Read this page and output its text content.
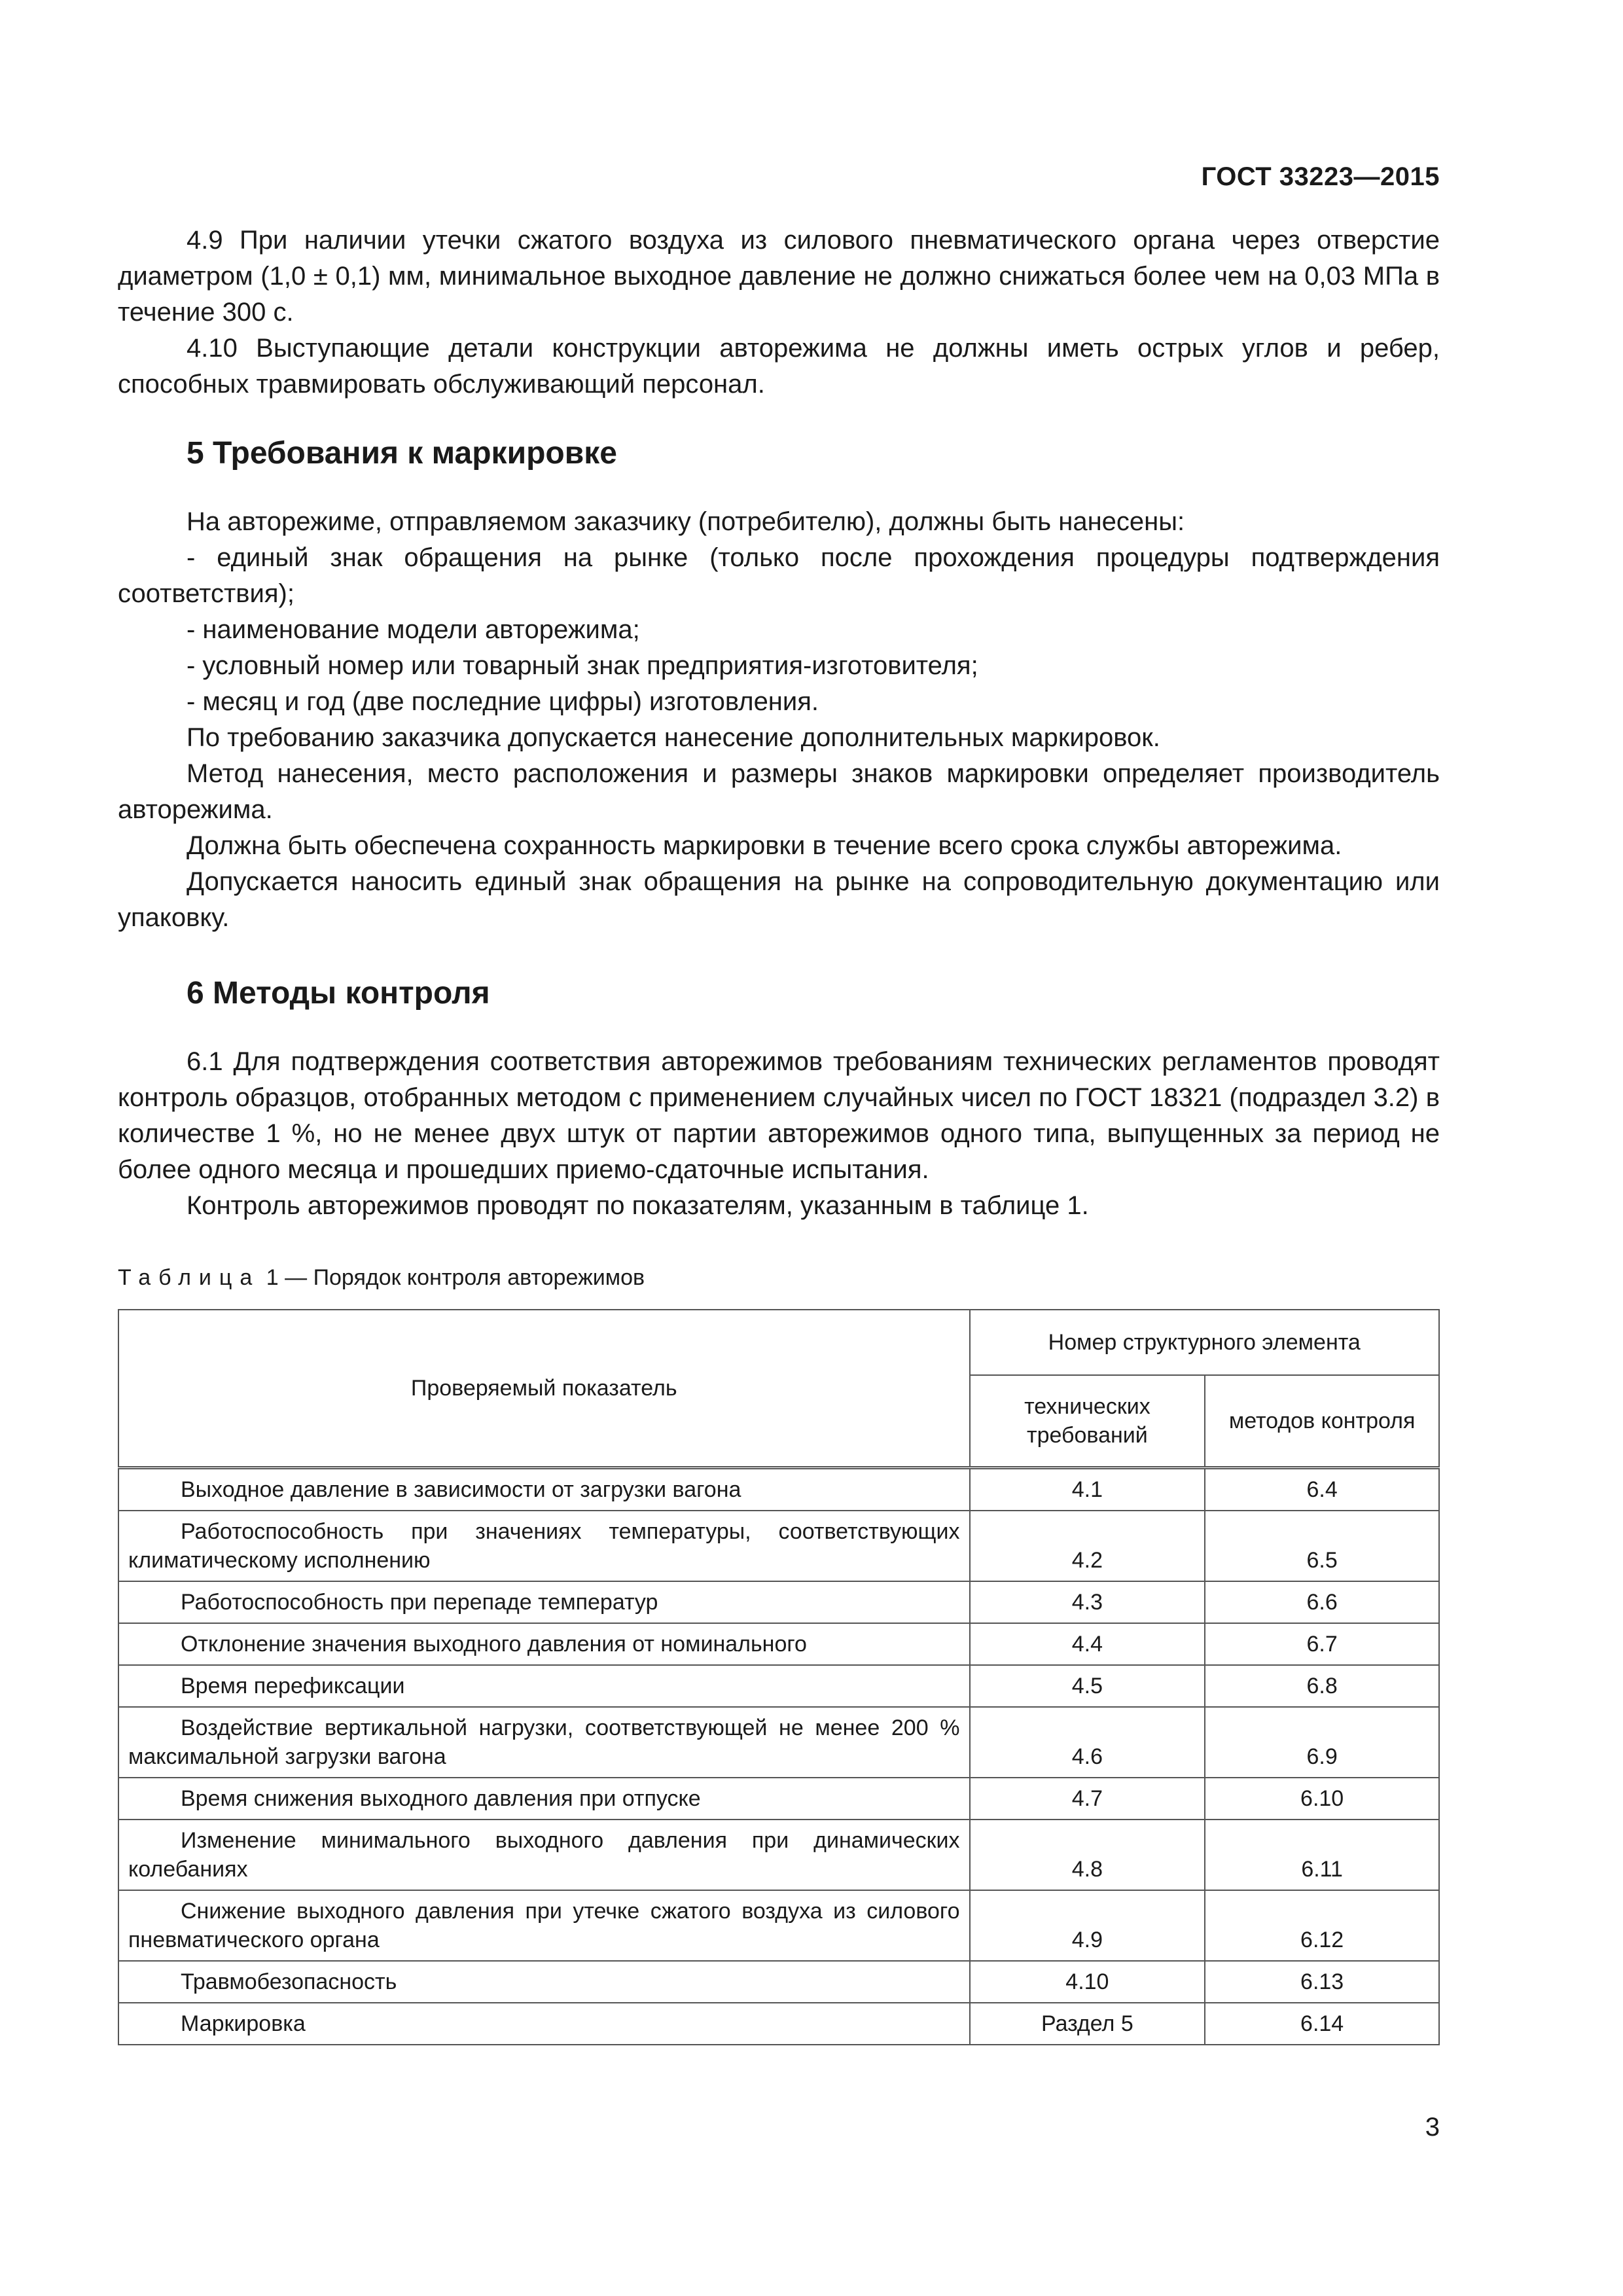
ГОСТ 33223—2015

4.9 При наличии утечки сжатого воздуха из силового пневматического органа через отверстие диаметром (1,0 ± 0,1) мм, минимальное выходное давление не должно снижаться более чем на 0,03 МПа в течение 300 с.

4.10 Выступающие детали конструкции авторежима не должны иметь острых углов и ребер, способных травмировать обслуживающий персонал.

5 Требования к маркировке

На авторежиме, отправляемом заказчику (потребителю), должны быть нанесены:

- единый знак обращения на рынке (только после прохождения процедуры подтверждения соответствия);

- наименование модели авторежима;

- условный номер или товарный знак предприятия-изготовителя;

- месяц и год (две последние цифры) изготовления.

По требованию заказчика допускается нанесение дополнительных маркировок.

Метод нанесения, место расположения и размеры знаков маркировки определяет производитель авторежима.

Должна быть обеспечена сохранность маркировки в течение всего срока службы авторежима.

Допускается наносить единый знак обращения на рынке на сопроводительную документацию или упаковку.

6 Методы контроля

6.1 Для подтверждения соответствия авторежимов требованиям технических регламентов проводят контроль образцов, отобранных методом с применением случайных чисел по ГОСТ 18321 (подраздел 3.2) в количестве 1 %, но не менее двух штук от партии авторежимов одного типа, выпущенных за период не более одного месяца и прошедших приемо-сдаточные испытания.

Контроль авторежимов проводят по показателям, указанным в таблице 1.

Таблица 1 — Порядок контроля авторежимов
Проверяемый показатель	Номер структурного элемента	
	технических требований	методов контроля
Выходное давление в зависимости от загрузки вагона	4.1	6.4
Работоспособность при значениях температуры, соответствующих климатическому исполнению	4.2	6.5
Работоспособность при перепаде температур	4.3	6.6
Отклонение значения выходного давления от номинального	4.4	6.7
Время перефиксации	4.5	6.8
Воздействие вертикальной нагрузки, соответствующей не менее 200 % максимальной загрузки вагона	4.6	6.9
Время снижения выходного давления при отпуске	4.7	6.10
Изменение минимального выходного давления при динамических колебаниях	4.8	6.11
Снижение выходного давления при утечке сжатого воздуха из силового пневматического органа	4.9	6.12
Травмобезопасность	4.10	6.13
Маркировка	Раздел 5	6.14
3
